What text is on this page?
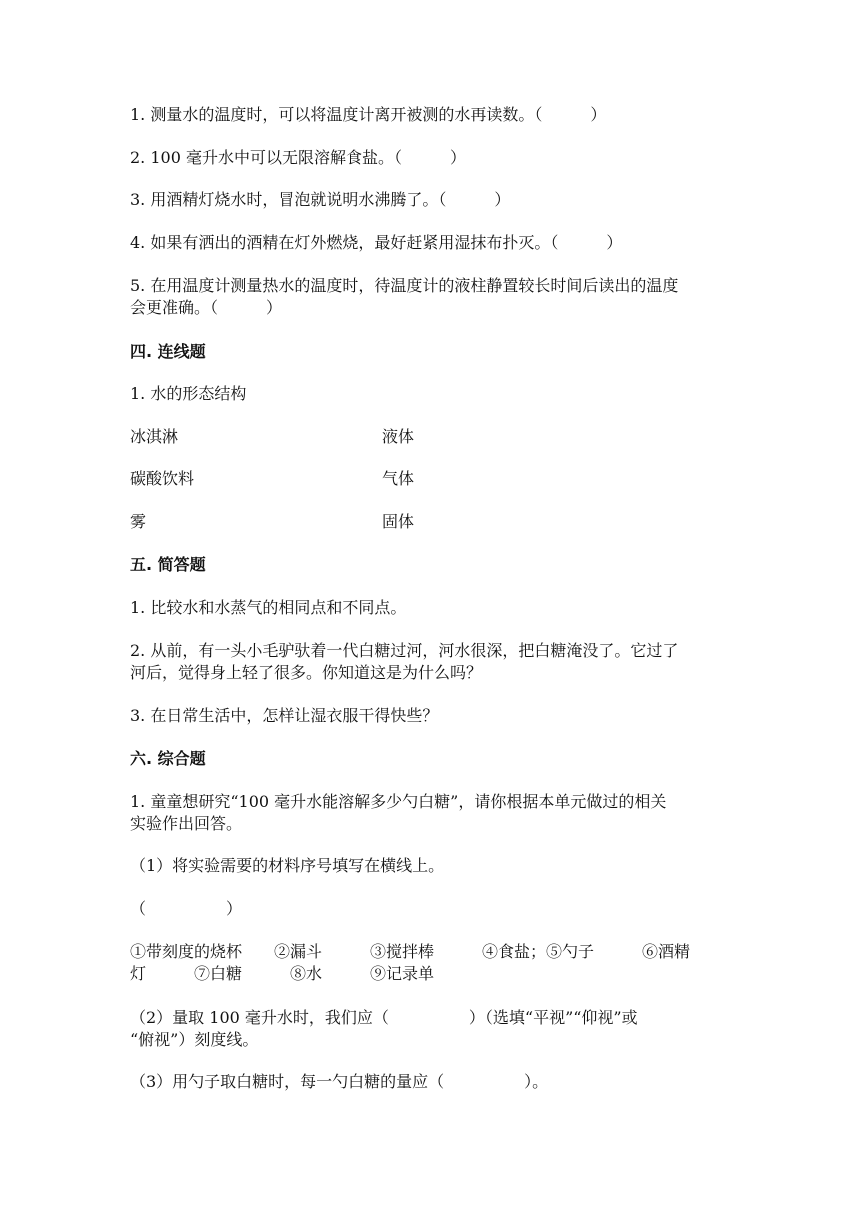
1. 测量水的温度时，可以将温度计离开被测的水再读数。（　　　）
2. 100 毫升水中可以无限溶解食盐。（　　　）
3. 用酒精灯烧水时，冒泡就说明水沸腾了。（　　　）
4. 如果有洒出的酒精在灯外燃烧，最好赶紧用湿抹布扑灭。（　　　）
5. 在用温度计测量热水的温度时，待温度计的液柱静置较长时间后读出的温度
会更准确。（　　　）
四. 连线题
1. 水的形态结构
冰淇淋	液体
碳酸饮料	气体
雾	固体
五. 简答题
1. 比较水和水蒸气的相同点和不同点。
2. 从前，有一头小毛驴驮着一代白糖过河，河水很深，把白糖淹没了。它过了
河后，觉得身上轻了很多。你知道这是为什么吗？
3. 在日常生活中，怎样让湿衣服干得快些？
六. 综合题
1. 童童想研究“100 毫升水能溶解多少勺白糖”，请你根据本单元做过的相关
实验作出回答。
（1）将实验需要的材料序号填写在横线上。
（　　　　　）
①带刻度的烧杯　　②漏斗　　　③搅拌棒　　　④食盐；⑤勺子　　　⑥酒精
灯　　　⑦白糖　　　⑧水　　　⑨记录单
（2）量取 100 毫升水时，我们应（　　　　　）（选填“平视”“仰视”或
“俯视”）刻度线。
（3）用勺子取白糖时，每一勺白糖的量应（　　　　　）。
